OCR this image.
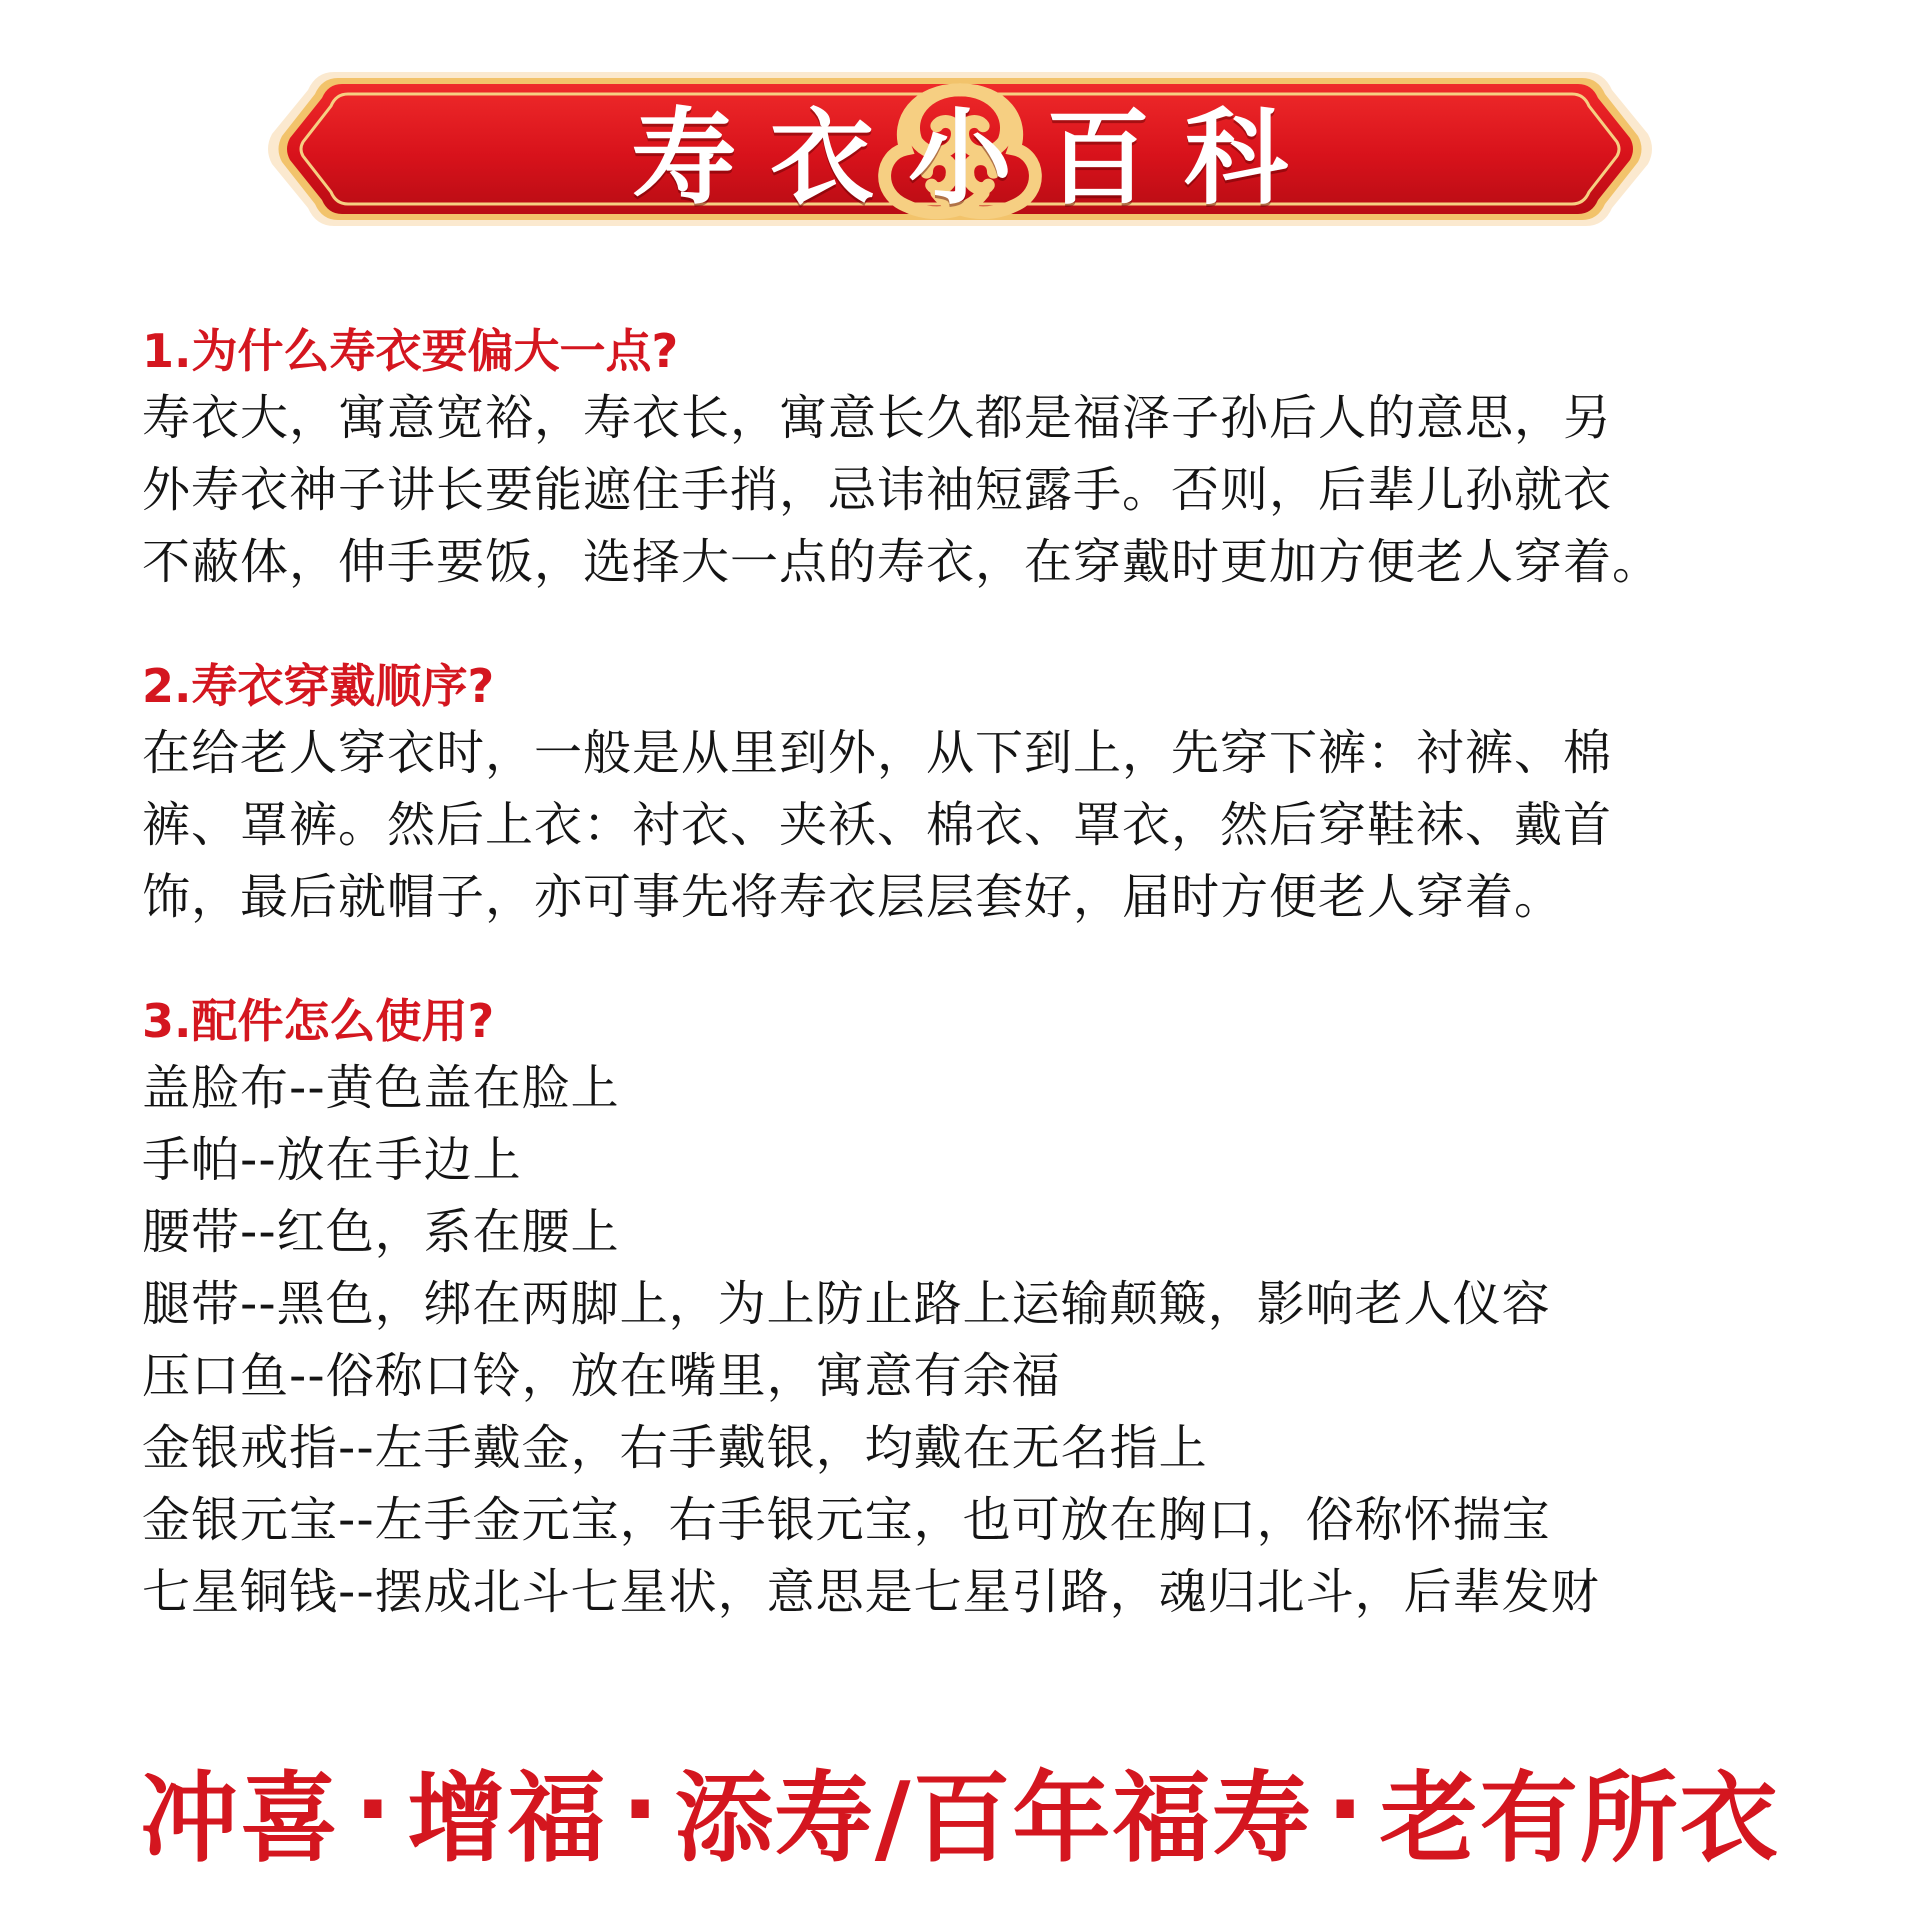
寿衣小百科
1.为什么寿衣要偏大一点?

寿衣大，寓意宽裕，寿衣长，寓意长久都是福泽子孙后人的意思，另
外寿衣神子讲长要能遮住手捎，忌讳袖短露手。否则，后辈儿孙就衣
不蔽体，伸手要饭，选择大一点的寿衣，在穿戴时更加方便老人穿着。

2.寿衣穿戴顺序?

在给老人穿衣时，一般是从里到外，从下到上，先穿下裤：衬裤、棉
裤、罩裤。然后上衣：衬衣、夹袄、棉衣、罩衣，然后穿鞋袜、戴首
饰，最后就帽子，亦可事先将寿衣层层套好，届时方便老人穿着。

3.配件怎么使用?
盖脸布--黄色盖在脸上
手帕--放在手边上
腰带--红色，系在腰上
腿带--黑色，绑在两脚上，为上防止路上运输颠簸，影响老人仪容
压口鱼--俗称口铃，放在嘴里，寓意有余福
金银戒指--左手戴金，右手戴银，均戴在无名指上
金银元宝--左手金元宝，右手银元宝，也可放在胸口，俗称怀揣宝
七星铜钱--摆成北斗七星状，意思是七星引路，魂归北斗，后辈发财
冲喜 · 增福 · 添寿/百年福寿 · 老有所衣
